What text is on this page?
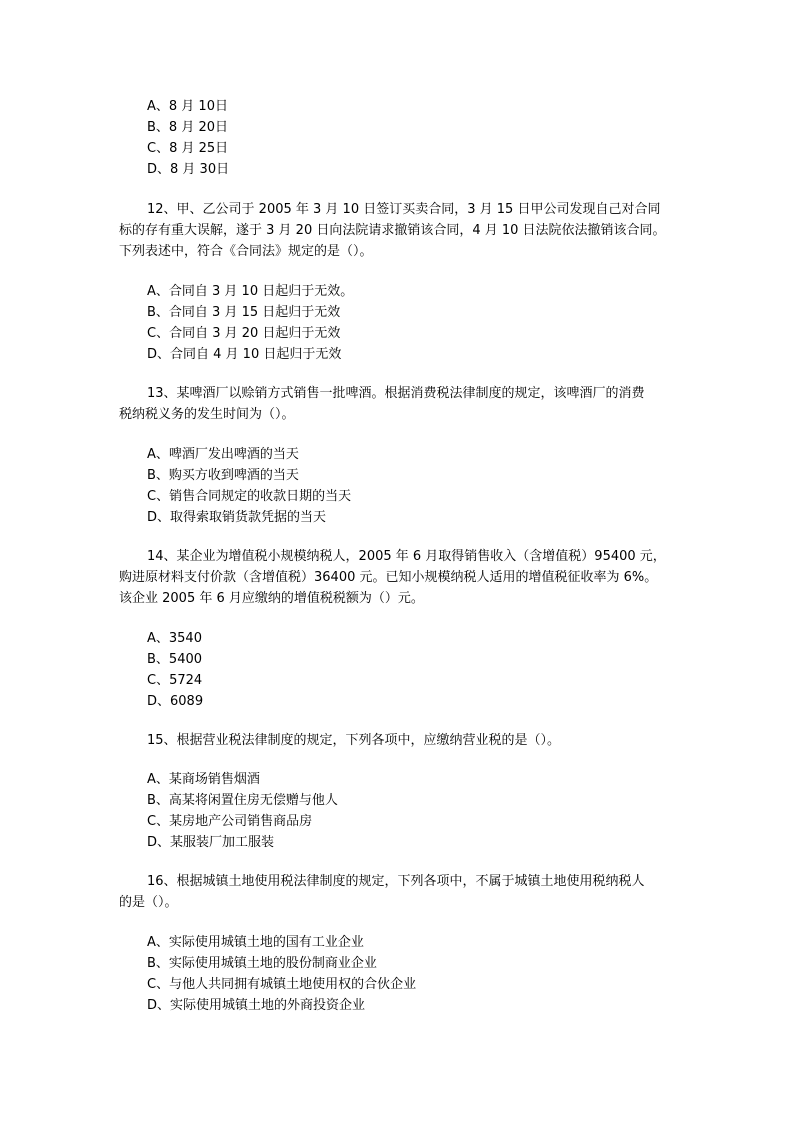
A、8 月 10日
B、8 月 20日
C、8 月 25日
D、8 月 30日
12、甲、乙公司于 2005 年 3 月 10 日签订买卖合同，3 月 15 日甲公司发现自己对合同
标的存有重大误解，遂于 3 月 20 日向法院请求撤销该合同，4 月 10 日法院依法撤销该合同。
下列表述中，符合《合同法》规定的是（）。
A、合同自 3 月 10 日起归于无效。
B、合同自 3 月 15 日起归于无效
C、合同自 3 月 20 日起归于无效
D、合同自 4 月 10 日起归于无效
13、某啤酒厂以赊销方式销售一批啤酒。根据消费税法律制度的规定，该啤酒厂的消费
税纳税义务的发生时间为（）。
A、啤酒厂发出啤酒的当天
B、购买方收到啤酒的当天
C、销售合同规定的收款日期的当天
D、取得索取销货款凭据的当天
14、某企业为增值税小规模纳税人，2005 年 6 月取得销售收入（含增值税）95400 元，
购进原材料支付价款（含增值税）36400 元。已知小规模纳税人适用的增值税征收率为 6%。
该企业 2005 年 6 月应缴纳的增值税税额为（）元。
A、3540
B、5400
C、5724
D、6089
15、根据营业税法律制度的规定，下列各项中，应缴纳营业税的是（）。
A、某商场销售烟酒
B、高某将闲置住房无偿赠与他人
C、某房地产公司销售商品房
D、某服装厂加工服装
16、根据城镇土地使用税法律制度的规定，下列各项中，不属于城镇土地使用税纳税人
的是（）。
A、实际使用城镇土地的国有工业企业
B、实际使用城镇土地的股份制商业企业
C、与他人共同拥有城镇土地使用权的合伙企业
D、实际使用城镇土地的外商投资企业
